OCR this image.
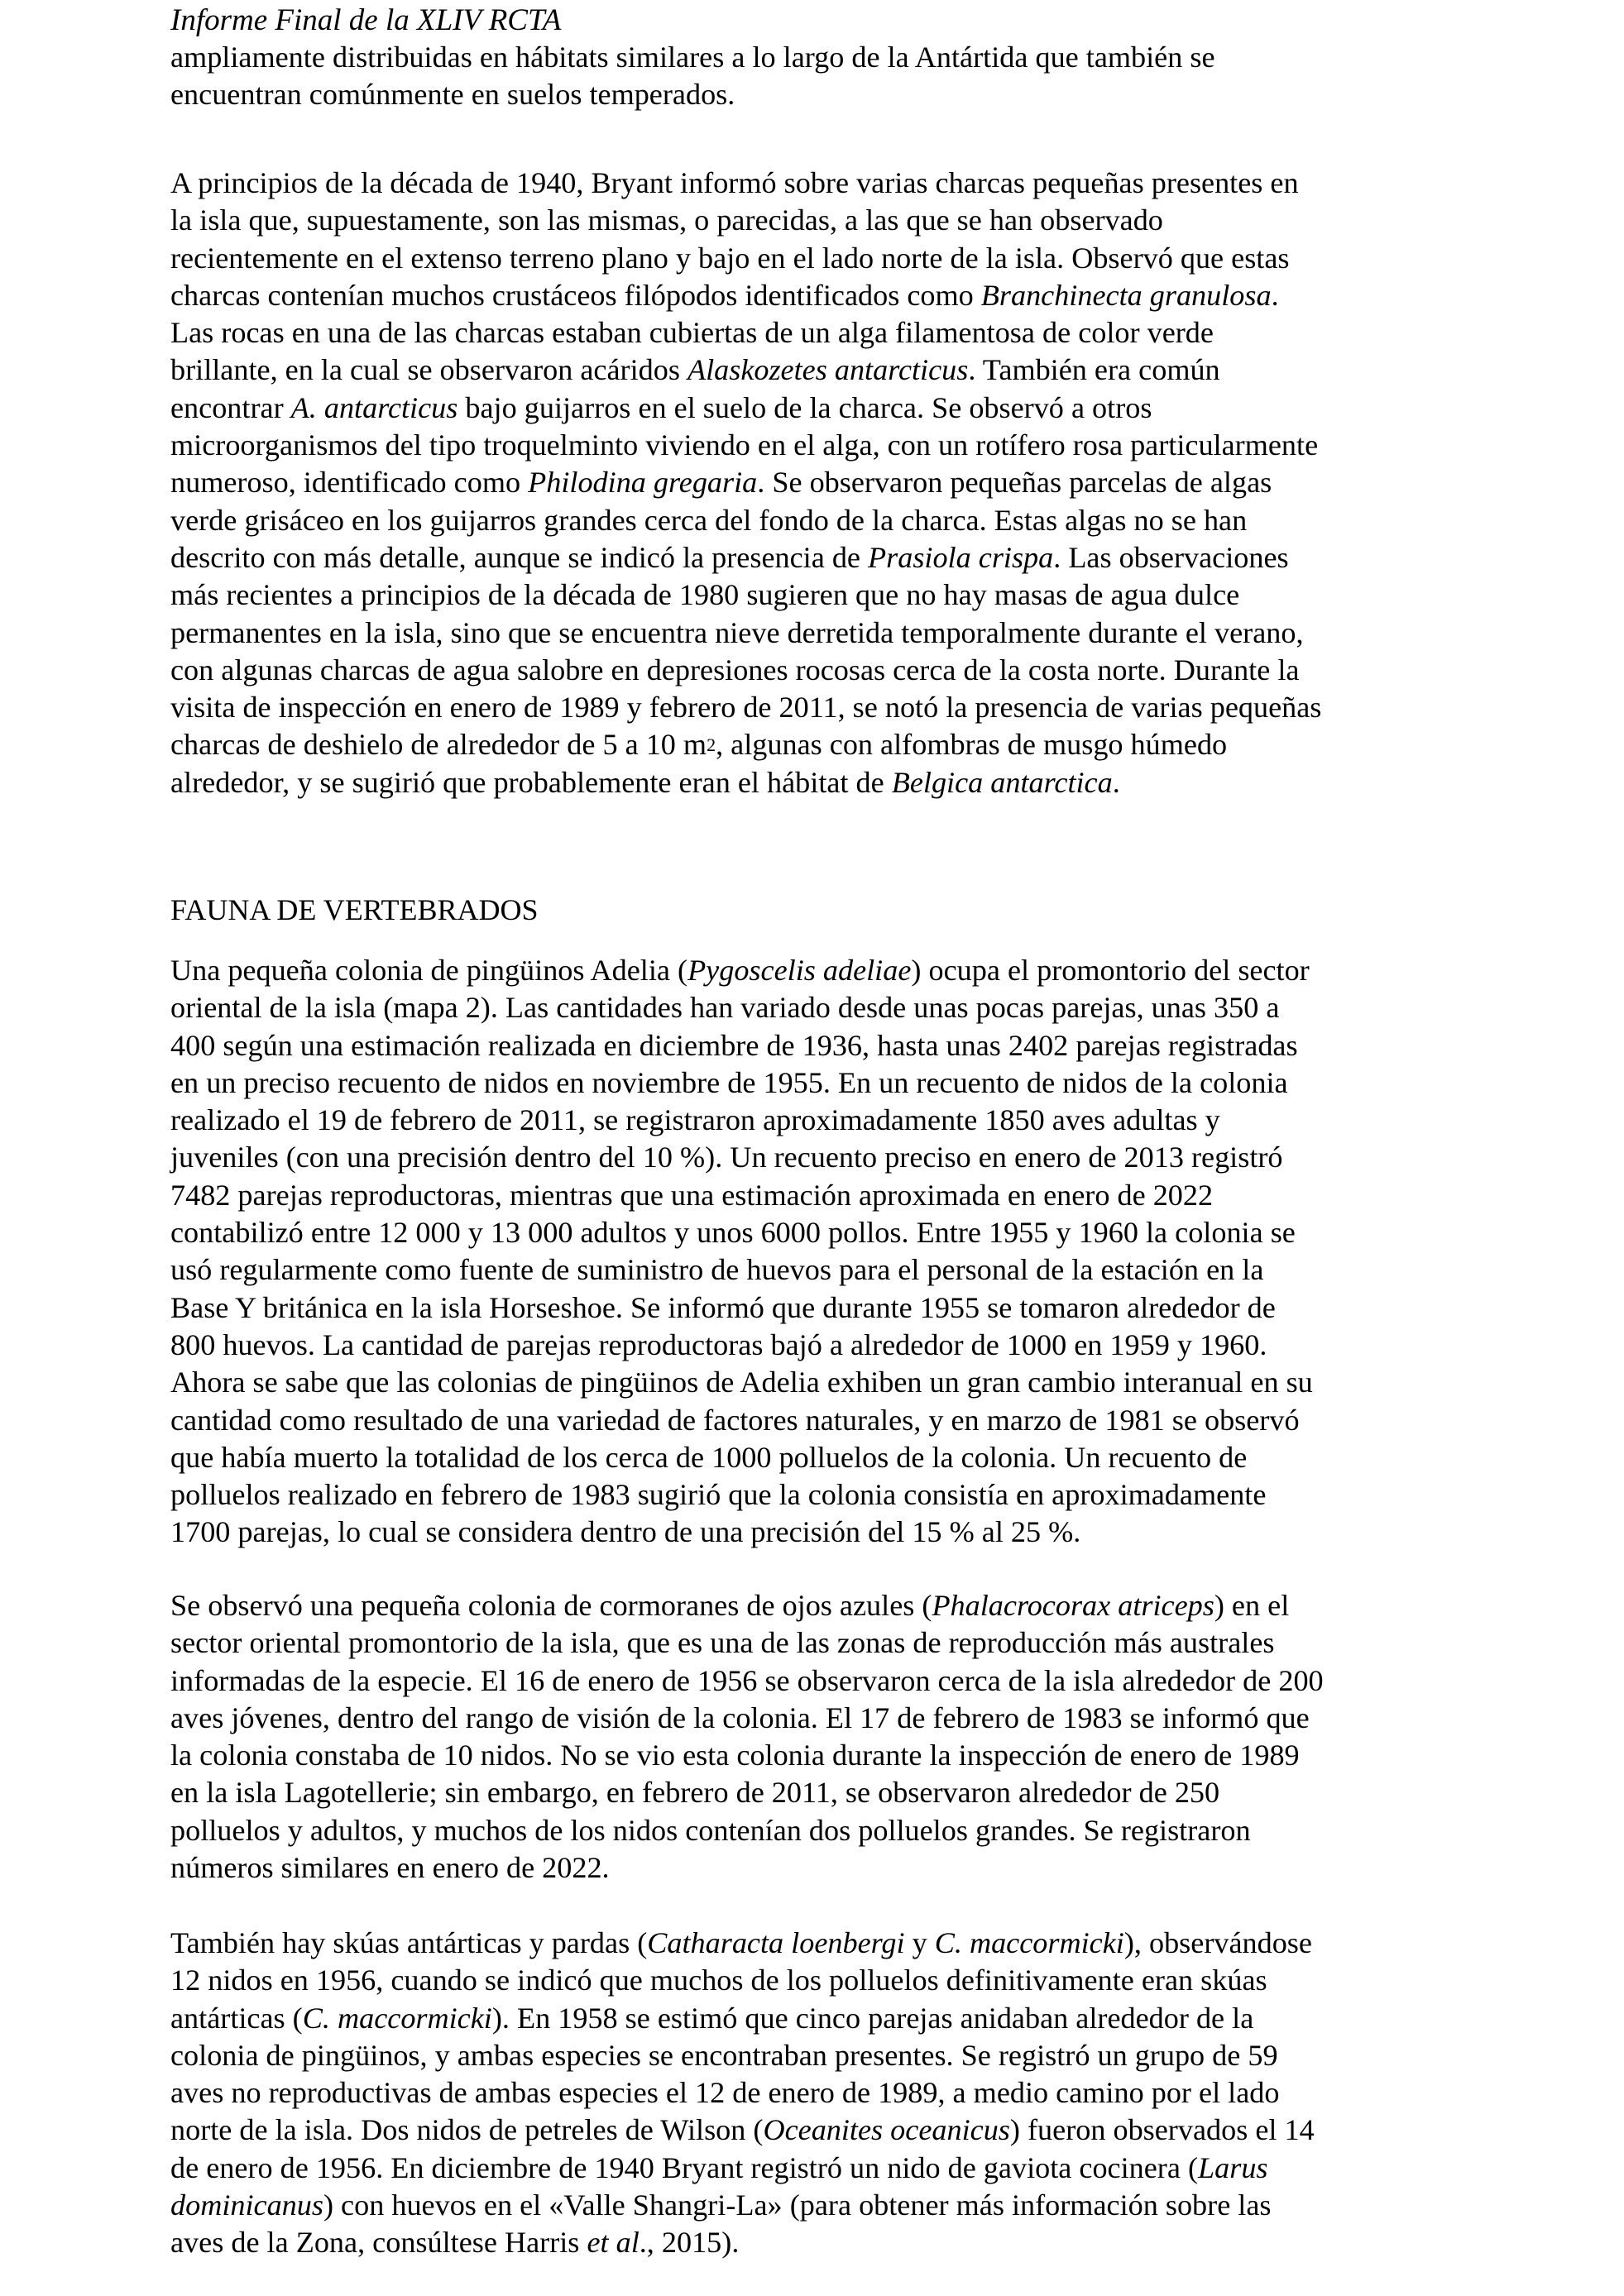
Informe Final de la XLIV RCTA
ampliamente distribuidas en hábitats similares a lo largo de la Antártida que también se
encuentran comúnmente en suelos temperados.
A principios de la década de 1940, Bryant informó sobre varias charcas pequeñas presentes en
la isla que, supuestamente, son las mismas, o parecidas, a las que se han observado
recientemente en el extenso terreno plano y bajo en el lado norte de la isla. Observó que estas
charcas contenían muchos crustáceos filópodos identificados como Branchinecta granulosa.
Las rocas en una de las charcas estaban cubiertas de un alga filamentosa de color verde
brillante, en la cual se observaron acáridos Alaskozetes antarcticus. También era común
encontrar A. antarcticus bajo guijarros en el suelo de la charca. Se observó a otros
microorganismos del tipo troquelminto viviendo en el alga, con un rotífero rosa particularmente
numeroso, identificado como Philodina gregaria. Se observaron pequeñas parcelas de algas
verde grisáceo en los guijarros grandes cerca del fondo de la charca. Estas algas no se han
descrito con más detalle, aunque se indicó la presencia de Prasiola crispa. Las observaciones
más recientes a principios de la década de 1980 sugieren que no hay masas de agua dulce
permanentes en la isla, sino que se encuentra nieve derretida temporalmente durante el verano,
con algunas charcas de agua salobre en depresiones rocosas cerca de la costa norte. Durante la
visita de inspección en enero de 1989 y febrero de 2011, se notó la presencia de varias pequeñas
charcas de deshielo de alrededor de 5 a 10 $m^2$, algunas con alfombras de musgo húmedo
alrededor, y se sugirió que probablemente eran el hábitat de Belgica antarctica.
FAUNA DE VERTEBRADOS
Una pequeña colonia de pingüinos Adelia (Pygoscelis adeliae) ocupa el promontorio del sector
oriental de la isla (mapa 2). Las cantidades han variado desde unas pocas parejas, unas 350 a
400 según una estimación realizada en diciembre de 1936, hasta unas 2402 parejas registradas
en un preciso recuento de nidos en noviembre de 1955. En un recuento de nidos de la colonia
realizado el 19 de febrero de 2011, se registraron aproximadamente 1850 aves adultas y
juveniles (con una precisión dentro del 10 %). Un recuento preciso en enero de 2013 registró
7482 parejas reproductoras, mientras que una estimación aproximada en enero de 2022
contabilizó entre 12 000 y 13 000 adultos y unos 6000 pollos. Entre 1955 y 1960 la colonia se
usó regularmente como fuente de suministro de huevos para el personal de la estación en la
Base Y británica en la isla Horseshoe. Se informó que durante 1955 se tomaron alrededor de
800 huevos. La cantidad de parejas reproductoras bajó a alrededor de 1000 en 1959 y 1960.
Ahora se sabe que las colonias de pingüinos de Adelia exhiben un gran cambio interanual en su
cantidad como resultado de una variedad de factores naturales, y en marzo de 1981 se observó
que había muerto la totalidad de los cerca de 1000 polluelos de la colonia. Un recuento de
polluelos realizado en febrero de 1983 sugirió que la colonia consistía en aproximadamente
1700 parejas, lo cual se considera dentro de una precisión del 15 % al 25 %.
Se observó una pequeña colonia de cormoranes de ojos azules (Phalacrocorax atriceps) en el
sector oriental promontorio de la isla, que es una de las zonas de reproducción más australes
informadas de la especie. El 16 de enero de 1956 se observaron cerca de la isla alrededor de 200
aves jóvenes, dentro del rango de visión de la colonia. El 17 de febrero de 1983 se informó que
la colonia constaba de 10 nidos. No se vio esta colonia durante la inspección de enero de 1989
en la isla Lagotellerie; sin embargo, en febrero de 2011, se observaron alrededor de 250
polluelos y adultos, y muchos de los nidos contenían dos polluelos grandes. Se registraron
números similares en enero de 2022.
También hay skúas antárticas y pardas (Catharacta loenbergi y C. maccormicki), observándose
12 nidos en 1956, cuando se indicó que muchos de los polluelos definitivamente eran skúas
antárticas (C. maccormicki). En 1958 se estimó que cinco parejas anidaban alrededor de la
colonia de pingüinos, y ambas especies se encontraban presentes. Se registró un grupo de 59
aves no reproductivas de ambas especies el 12 de enero de 1989, a medio camino por el lado
norte de la isla. Dos nidos de petreles de Wilson (Oceanites oceanicus) fueron observados el 14
de enero de 1956. En diciembre de 1940 Bryant registró un nido de gaviota cocinera (Larus
dominicanus) con huevos en el «Valle Shangri-La» (para obtener más información sobre las
aves de la Zona, consúltese Harris et al., 2015).
